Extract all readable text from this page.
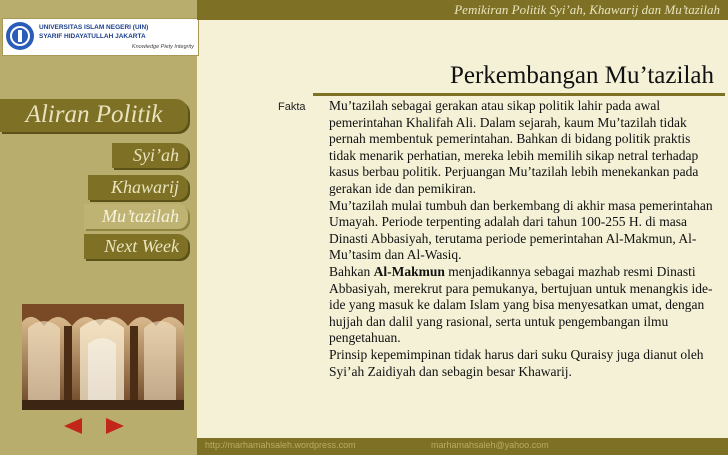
UNIVERSITAS ISLAM NEGERI (UIN)
SYARIF HIDAYATULLAH JAKARTA
Knowledge Piety Integrity
Aliran Politik
Syi’ah
Khawarij
Mu’tazilah
Next Week
Pemikiran Politik Syi’ah, Khawarij dan Mu’tazilah
Perkembangan Mu’tazilah
Fakta Mu’tazilah sebagai gerakan atau sikap politik lahir pada awal pemerintahan Khalifah Ali. Dalam sejarah, kaum Mu’tazilah tidak pernah membentuk pemerintahan. Bahkan di bidang politik praktis tidak menarik perhatian, mereka lebih memilih sikap netral terhadap kasus berbau politik. Perjuangan Mu’tazilah lebih menekankan pada gerakan ide dan pemikiran.

Mu’tazilah mulai tumbuh dan berkembang di akhir masa pemerintahan Umayah. Periode terpenting adalah dari tahun 100-255 H. di masa Dinasti Abbasiyah, terutama periode pemerintahan Al-Makmun, Al-Mu’tasim dan Al-Wasiq.

Bahkan Al-Makmun menjadikannya sebagai mazhab resmi Dinasti Abbasiyah, merekrut para pemukanya, bertujuan untuk menangkis ide-ide yang masuk ke dalam Islam yang bisa menyesatkan umat, dengan hujjah dan dalil yang rasional, serta untuk pengembangan ilmu pengetahuan.

Prinsip kepemimpinan tidak harus dari suku Quraisy juga dianut oleh Syi’ah Zaidiyah dan sebagin besar Khawarij.

http://marhamahsaleh.wordpress.com	marhamahsaleh@yahoo.com
